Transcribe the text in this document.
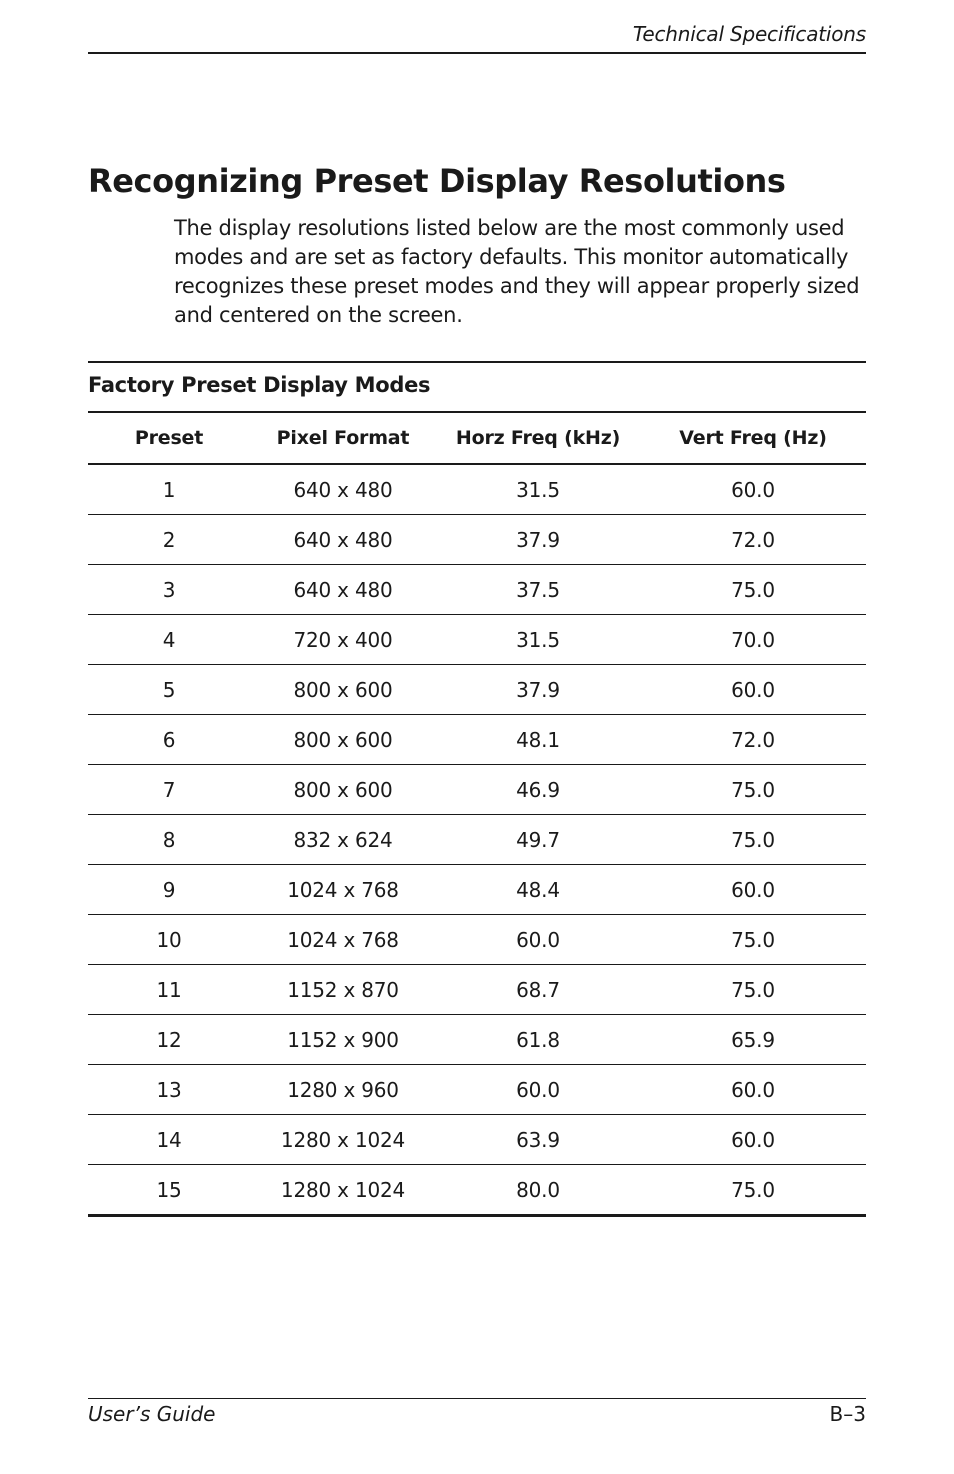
Technical Specifications
Recognizing Preset Display Resolutions

The display resolutions listed below are the most commonly used modes and are set as factory defaults. This monitor automatically recognizes these preset modes and they will appear properly sized and centered on the screen.

Factory Preset Display Modes
Preset	Pixel Format	Horz Freq (kHz)	Vert Freq (Hz)
1	640 x 480	31.5	60.0
2	640 x 480	37.9	72.0
3	640 x 480	37.5	75.0
4	720 x 400	31.5	70.0
5	800 x 600	37.9	60.0
6	800 x 600	48.1	72.0
7	800 x 600	46.9	75.0
8	832 x 624	49.7	75.0
9	1024 x 768	48.4	60.0
10	1024 x 768	60.0	75.0
11	1152 x 870	68.7	75.0
12	1152 x 900	61.8	65.9
13	1280 x 960	60.0	60.0
14	1280 x 1024	63.9	60.0
15	1280 x 1024	80.0	75.0
User’s Guide	B–3
